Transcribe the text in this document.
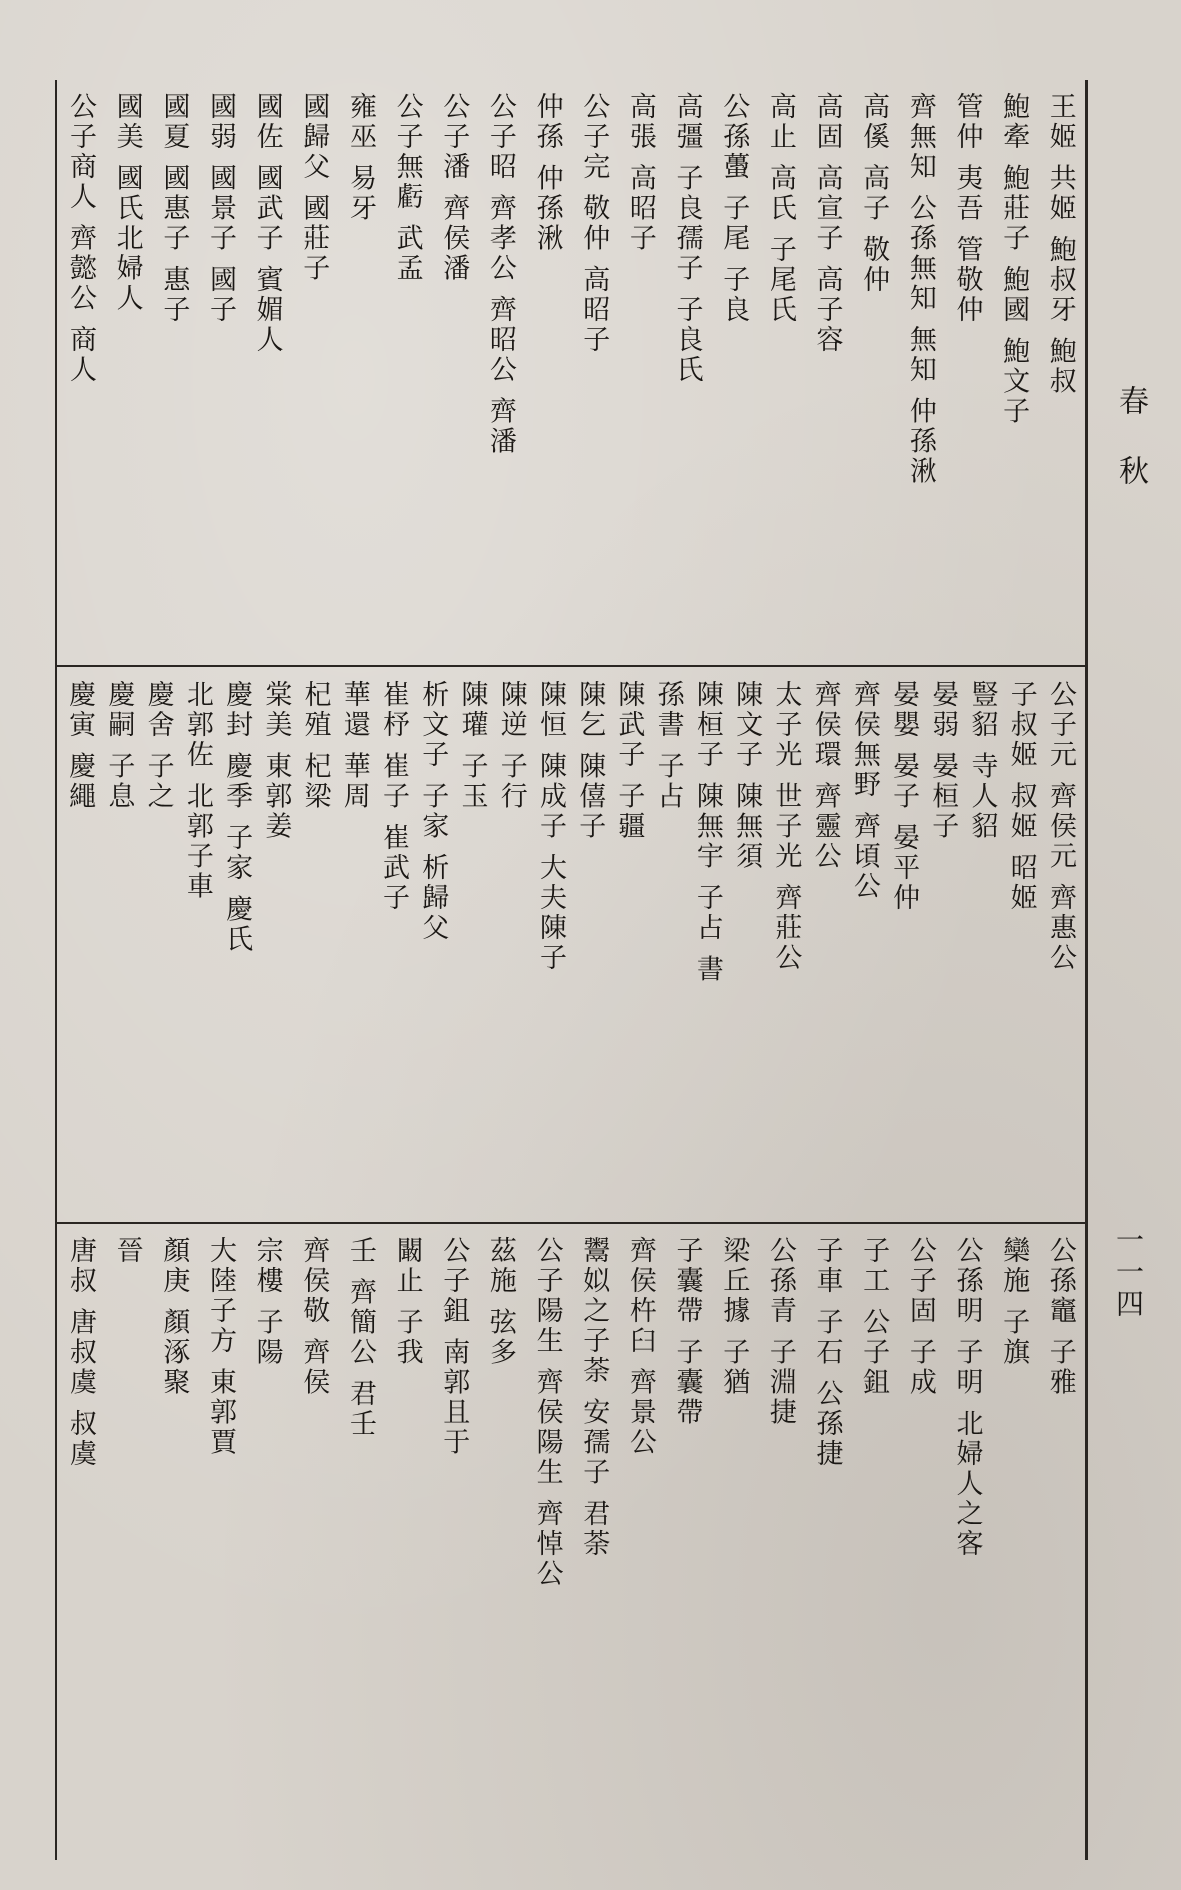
春秋
一一四
王姬 共姬 鮑叔牙 鮑叔
鮑牽 鮑莊子 鮑國 鮑文子
管仲 夷吾 管敬仲
齊無知 公孫無知 無知 仲孫湫
高傒 高子 敬仲
高固 高宣子 高子容
高止 高氏 子尾氏
公孫蠆 子尾 子良
高彊 子良孺子 子良氏
高張 高昭子
公子完 敬仲 高昭子
仲孫 仲孫湫
公子昭 齊孝公 齊昭公 齊潘
公子潘 齊侯潘
公子無虧 武孟
雍巫 易牙
國歸父 國莊子
國佐 國武子 賓媚人
國弱 國景子 國子
國夏 國惠子 惠子
國美 國氏北婦人
公子商人 齊懿公 商人
公子元 齊侯元 齊惠公
子叔姬 叔姬 昭姬
豎貂 寺人貂
晏弱 晏桓子
晏嬰 晏子 晏平仲
齊侯無野 齊頃公
齊侯環 齊靈公
太子光 世子光 齊莊公
陳文子 陳無須
陳桓子 陳無宇 子占 書
孫書 子占
陳武子 子疆
陳乞 陳僖子
陳恒 陳成子 大夫陳子
陳逆 子行
陳瓘 子玉
析文子 子家 析歸父
崔杼 崔子 崔武子
華還 華周
杞殖 杞梁
棠美 東郭姜
慶封 慶季 子家 慶氏
北郭佐 北郭子車
慶舍 子之
慶嗣 子息
慶寅 慶繩
公孫竈 子雅
欒施 子旗
公孫明 子明 北婦人之客
公子固 子成
子工 公子鉏
子車 子石 公孫捷
公孫青 子淵捷
梁丘據 子猶
子囊帶 子囊帶
齊侯杵臼 齊景公
鬻姒之子荼 安孺子 君荼
公子陽生 齊侯陽生 齊悼公
茲施 弦多
公子鉏 南郭且于
闞止 子我
壬 齊簡公 君壬
齊侯敬 齊侯
宗樓 子陽
大陸子方 東郭賈
顏庚 顏涿聚
晉
唐叔 唐叔虞 叔虞
